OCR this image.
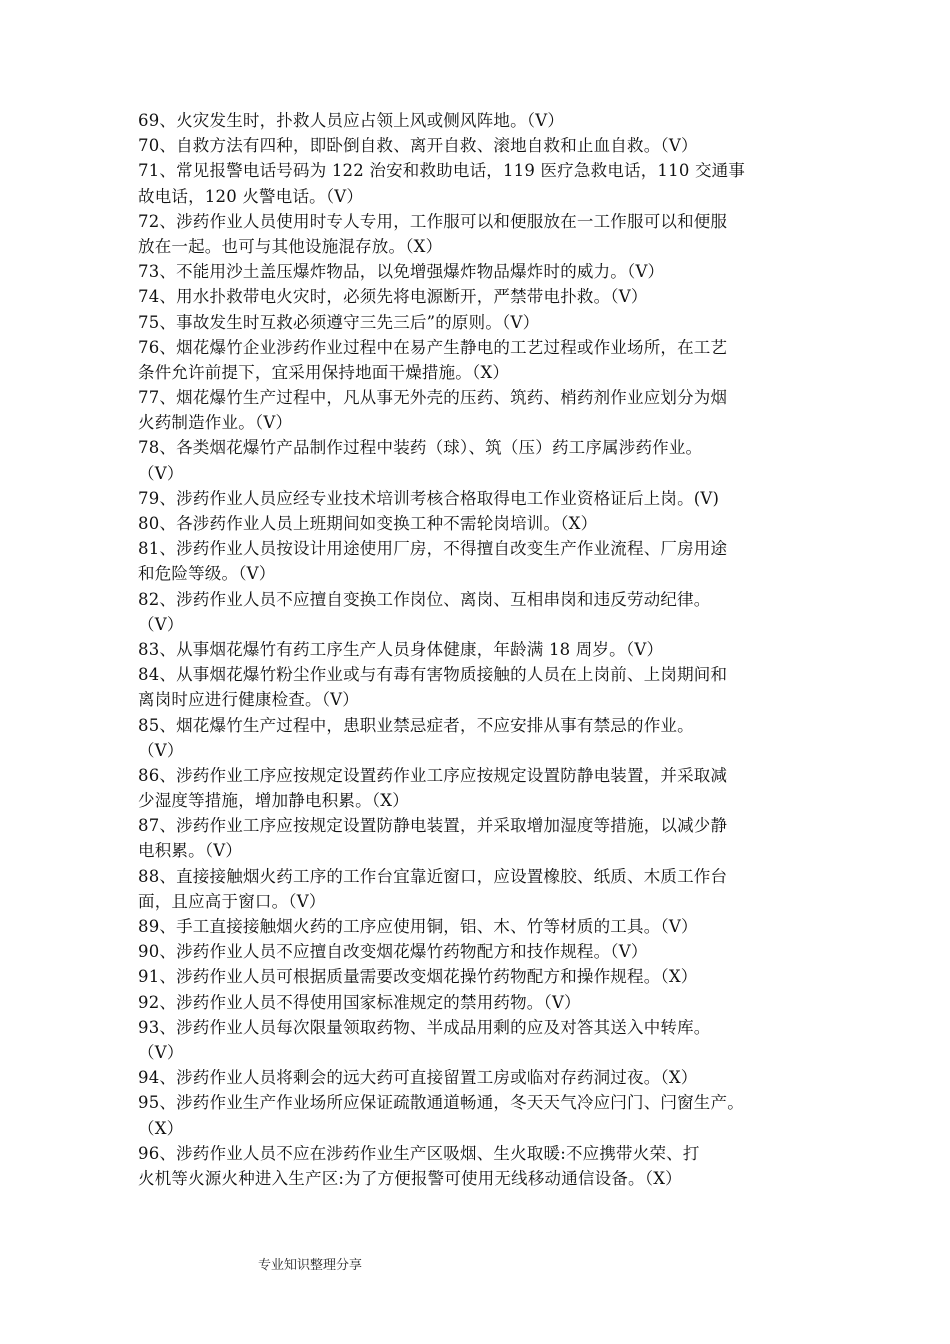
69、火灾发生时，扑救人员应占领上风或侧风阵地。（V）
70、自救方法有四种，即卧倒自救、离开自救、滚地自救和止血自救。（V）
71、常见报警电话号码为 122 治安和救助电话，119 医疗急救电话，110 交通事
故电话，120 火警电话。（V）
72、涉药作业人员使用时专人专用，工作服可以和便服放在一工作服可以和便服
放在一起。也可与其他设施混存放。（X）
73、不能用沙土盖压爆炸物品，以免增强爆炸物品爆炸时的威力。（V）
74、用水扑救带电火灾时，必须先将电源断开，严禁带电扑救。（V）
75、事故发生时互救必须遵守三先三后”的原则。（V）
76、烟花爆竹企业涉药作业过程中在易产生静电的工艺过程或作业场所，在工艺
条件允许前提下，宜采用保持地面干燥措施。（X）
77、烟花爆竹生产过程中，凡从事无外壳的压药、筑药、梢药剂作业应划分为烟
火药制造作业。（V）
78、各类烟花爆竹产品制作过程中装药（球）、筑（压）药工序属涉药作业。
（V）
79、涉药作业人员应经专业技术培训考核合格取得电工作业资格证后上岗。(V)
80、各涉药作业人员上班期间如变换工种不需轮岗培训。（X）
81、涉药作业人员按设计用途使用厂房，不得擅自改变生产作业流程、厂房用途
和危险等级。（V）
82、涉药作业人员不应擅自变换工作岗位、离岗、互相串岗和违反劳动纪律。
（V）
83、从事烟花爆竹有药工序生产人员身体健康，年龄满 18 周岁。（V）
84、从事烟花爆竹粉尘作业或与有毒有害物质接触的人员在上岗前、上岗期间和
离岗时应进行健康检查。（V）
85、烟花爆竹生产过程中，患职业禁忌症者，不应安排从事有禁忌的作业。
（V）
86、涉药作业工序应按规定设置药作业工序应按规定设置防静电装置，并采取减
少湿度等措施，增加静电积累。（X）
87、涉药作业工序应按规定设置防静电装置，并采取增加湿度等措施，以减少静
电积累。（V）
88、直接接触烟火药工序的工作台宜靠近窗口，应设置橡胶、纸质、木质工作台
面，且应高于窗口。（V）
89、手工直接接触烟火药的工序应使用铜，铝、木、竹等材质的工具。（V）
90、涉药作业人员不应擅自改变烟花爆竹药物配方和技作规程。（V）
91、涉药作业人员可根据质量需要改变烟花操竹药物配方和操作规程。（X）
92、涉药作业人员不得使用国家标准规定的禁用药物。（V）
93、涉药作业人员每次限量领取药物、半成品用剩的应及对答其送入中转库。
（V）
94、涉药作业人员将剩会的远大药可直接留置工房或临对存药洞过夜。（X）
95、涉药作业生产作业场所应保证疏散通道畅通，冬天天气冷应闩门、闩窗生产。
（X）
96、涉药作业人员不应在涉药作业生产区吸烟、生火取暖:不应携带火荣、打
火机等火源火种进入生产区:为了方便报警可使用无线移动通信设备。（X）
专业知识整理分享
